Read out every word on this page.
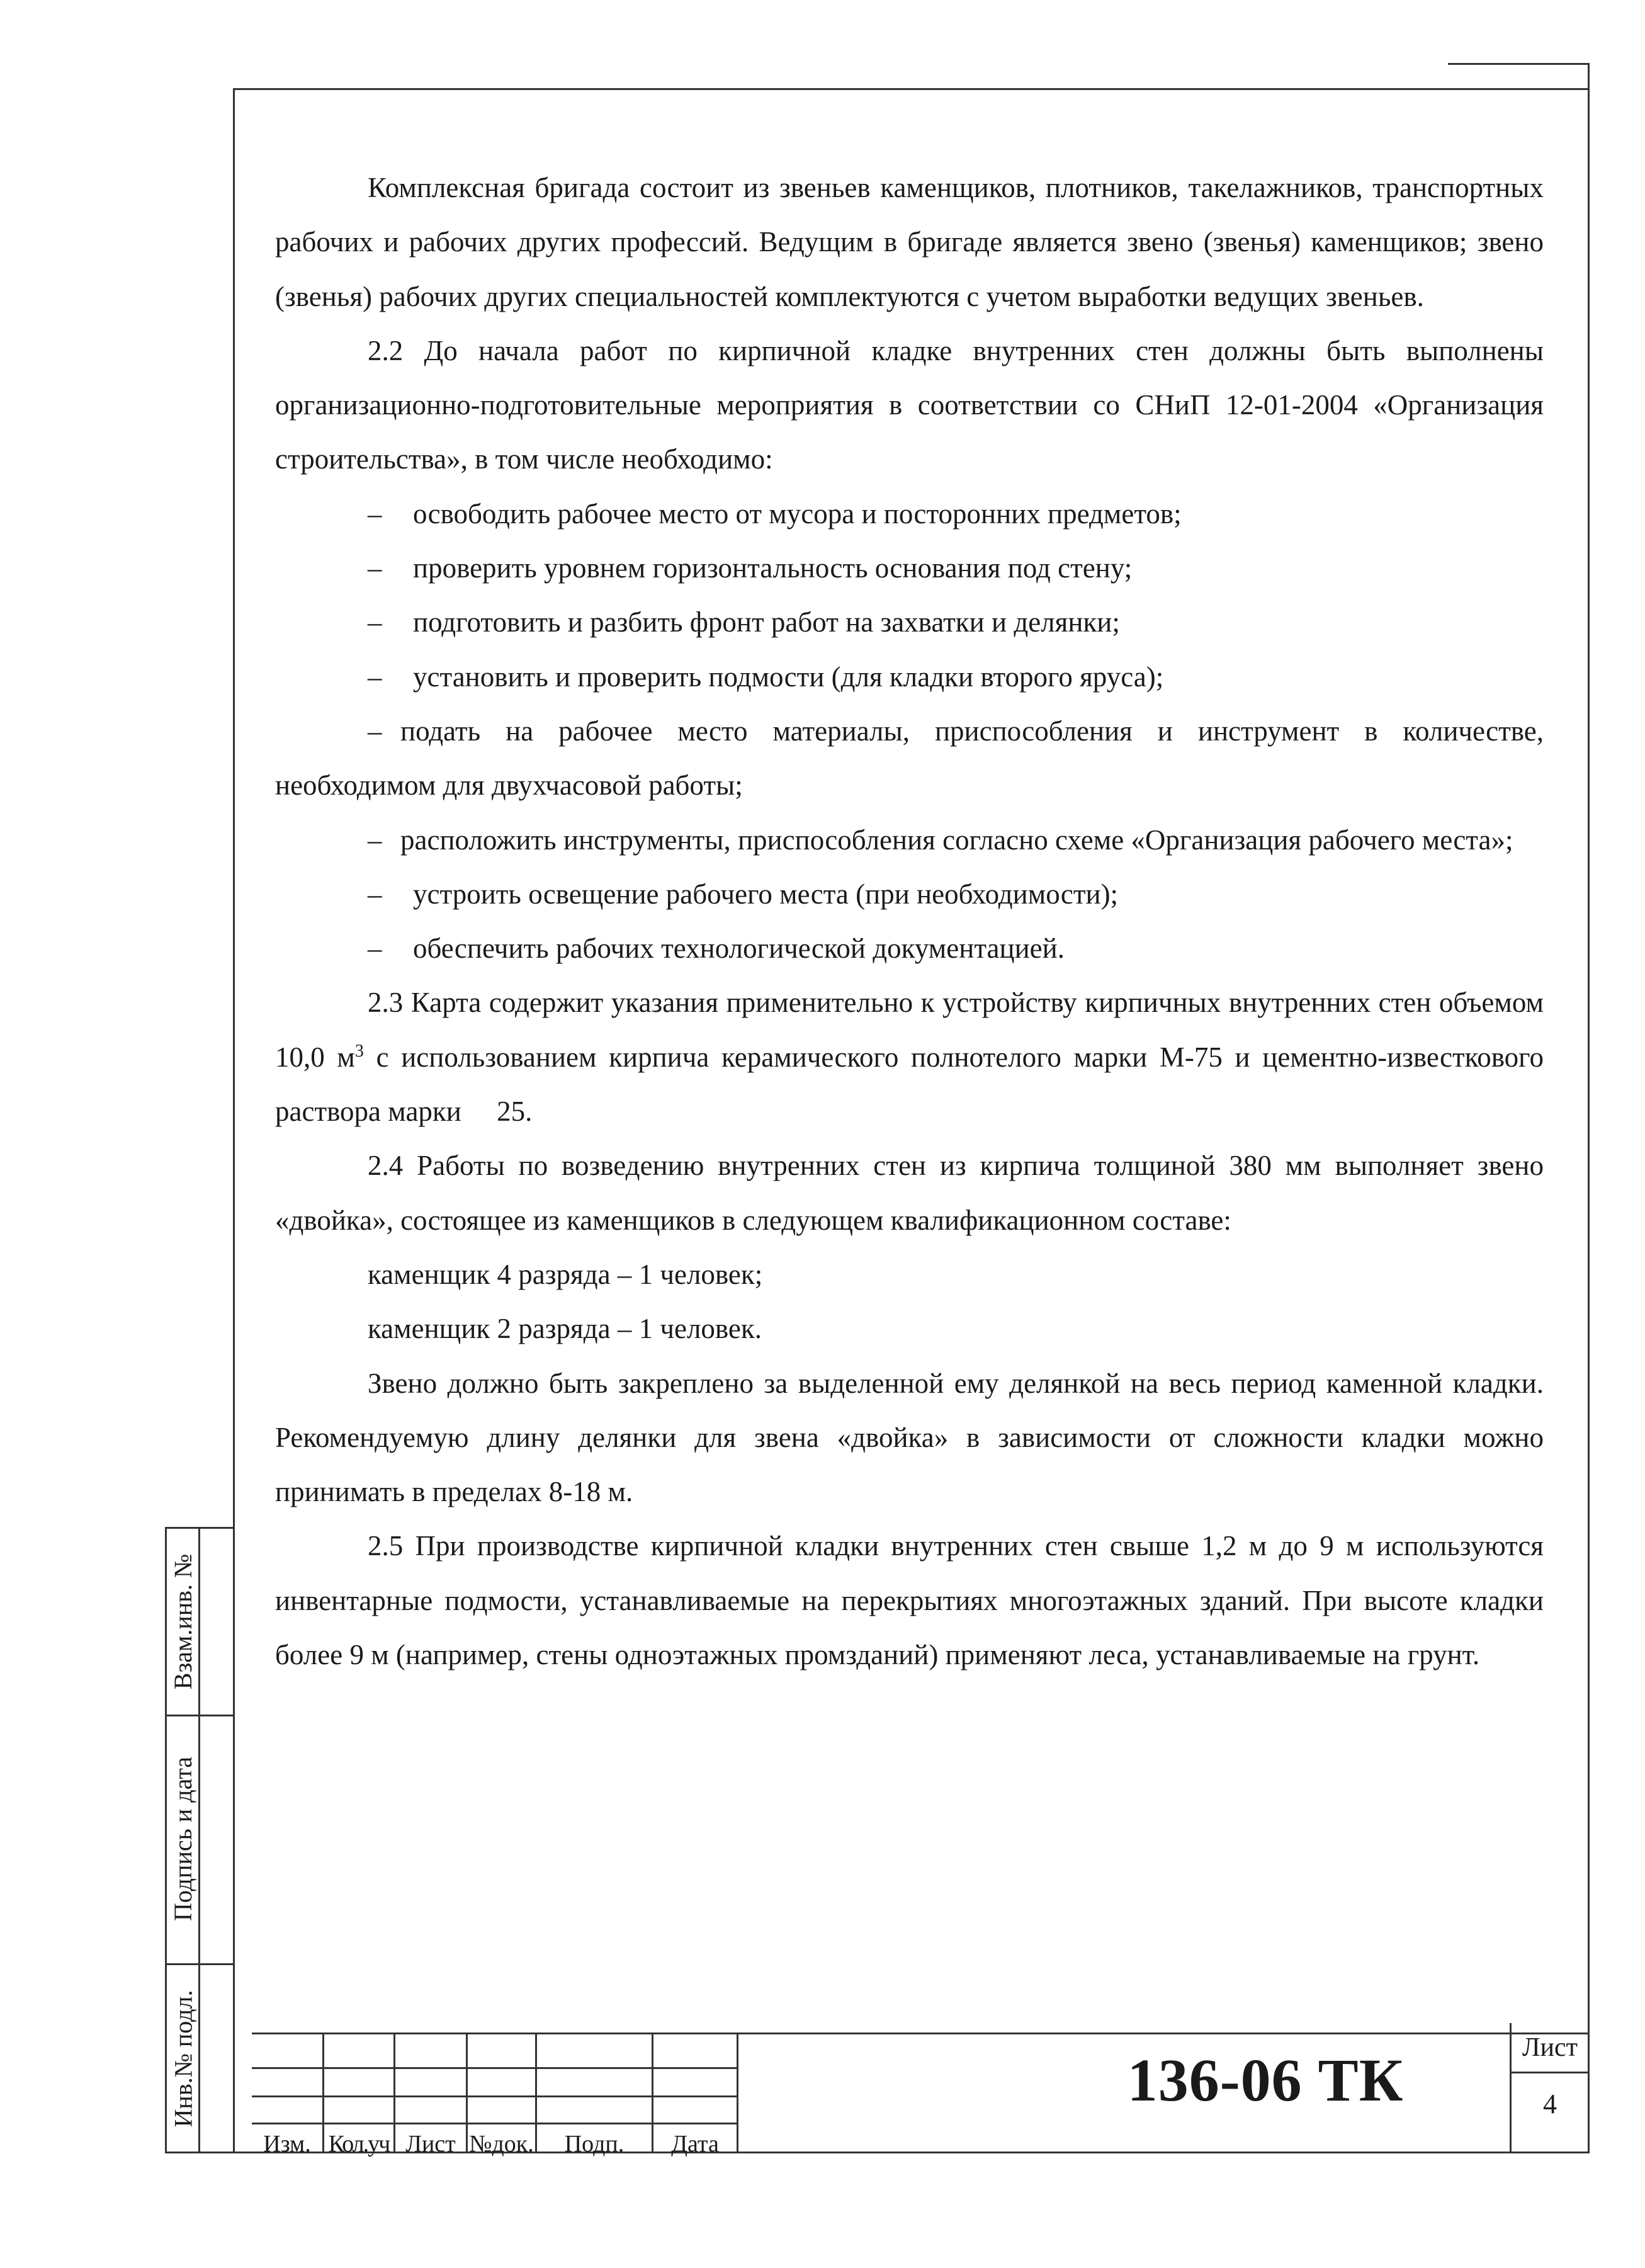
Комплексная бригада состоит из звеньев каменщиков, плотников, такелажников, транспортных рабочих и рабочих других профессий. Ведущим в бригаде является звено (звенья) каменщиков; звено (звенья) рабочих других специальностей комплектуются с учетом выработки ведущих звеньев.

2.2 До начала работ по кирпичной кладке внутренних стен должны быть выполнены организационно-подготовительные мероприятия в соответствии со СНиП 12-01-2004 «Организация строительства», в том числе необходимо:

– освободить рабочее место от мусора и посторонних предметов;

– проверить уровнем горизонтальность основания под стену;

– подготовить и разбить фронт работ на захватки и делянки;

– установить и проверить подмости (для кладки второго яруса);

– подать на рабочее место материалы, приспособления и инструмент в количестве, необходимом для двухчасовой работы;

– расположить инструменты, приспособления согласно схеме «Организация рабочего места»;

– устроить освещение рабочего места (при необходимости);

– обеспечить рабочих технологической документацией.

2.3 Карта содержит указания применительно к устройству кирпичных внутренних стен объемом 10,0 $м^3$ с использованием кирпича керамического полнотелого марки М-75 и цементно-известкового раствора марки     25.

2.4 Работы по возведению внутренних стен из кирпича толщиной 380 мм выполняет звено «двойка», состоящее из каменщиков в следующем квалификационном составе:

каменщик 4 разряда – 1 человек;

каменщик 2 разряда – 1 человек.

Звено должно быть закреплено за выделенной ему делянкой на весь период каменной кладки. Рекомендуемую длину делянки для звена «двойка» в зависимости от сложности кладки можно принимать в пределах 8-18 м.

2.5 При производстве кирпичной кладки внутренних стен свыше 1,2 м до 9 м используются инвентарные подмости, устанавливаемые на перекрытиях многоэтажных зданий. При высоте кладки более 9 м (например, стены одноэтажных промзданий) применяют леса, устанавливаемые на грунт.

Взам.инв. №
Подпись и дата
Инв.№ подл.
Изм. Кол.уч Лист №док.	Подп.	Дата
136-06 ТК	Лист
4
